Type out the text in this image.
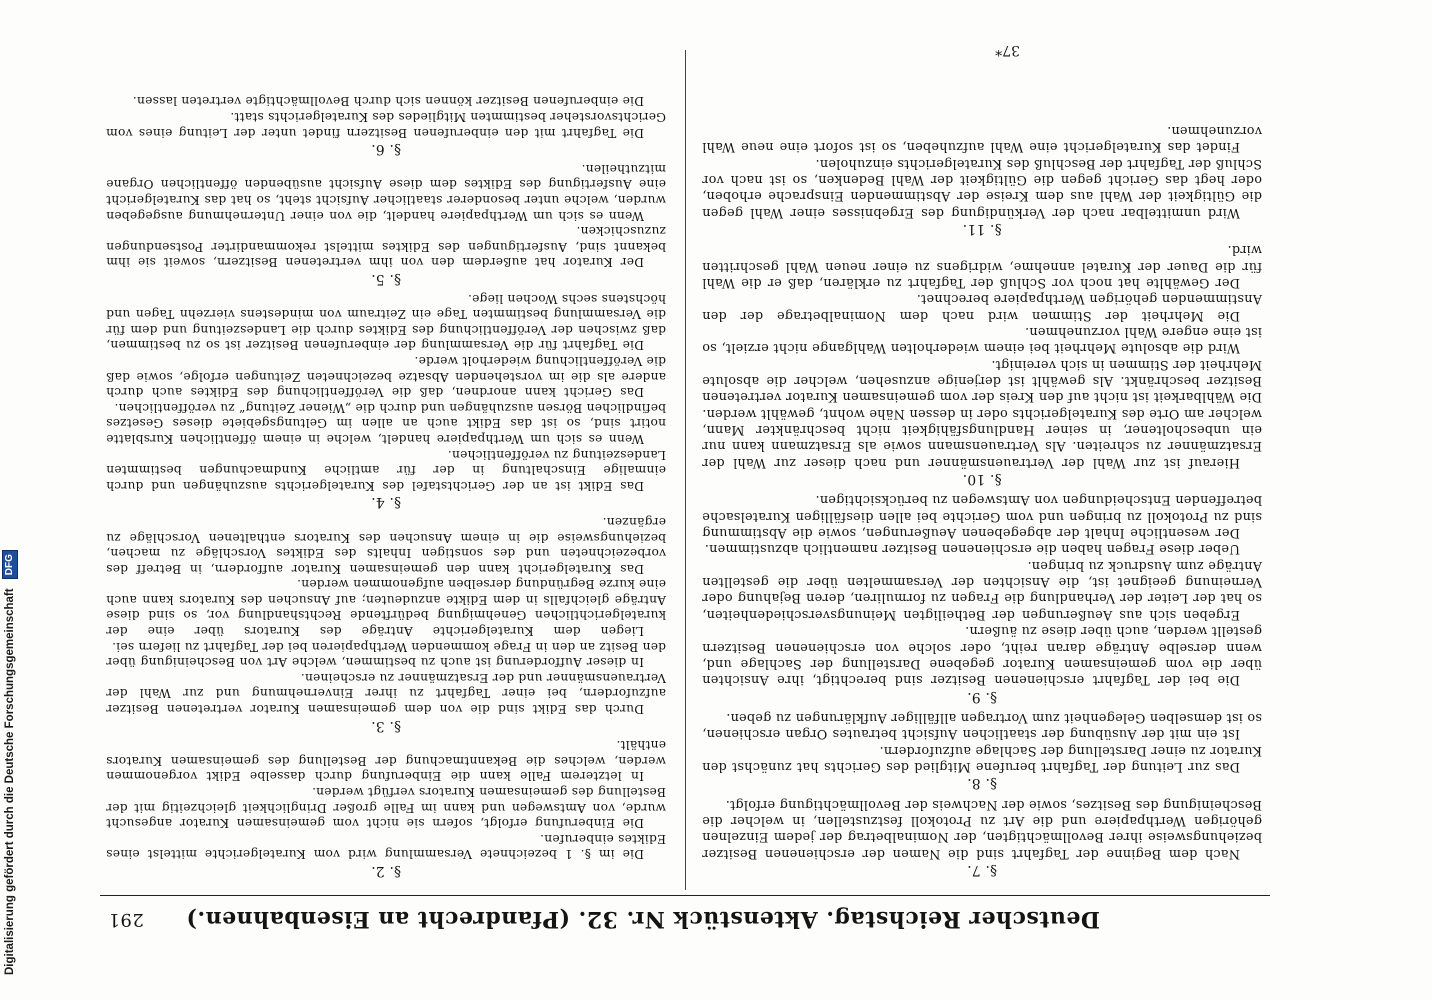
Digitalisierung gefördert durch die Deutsche Forschungsgemeinschaft DFG
Deutscher Reichstag. Aktenstück Nr. 32. (Pfandrecht an Eisenbahnen.)
291
§. 7.

Nach dem Beginne der Tagfahrt sind die Namen der erschienenen Besitzer beziehungsweise ihrer Bevollmächtigten, der Nominalbetrag der jedem Einzelnen gehörigen Werthpapiere und die Art zu Protokoll festzustellen, in welcher die Bescheinigung des Besitzes, sowie der Nachweis der Bevollmächtigung erfolgt.

§. 8.

Das zur Leitung der Tagfahrt berufene Mitglied des Gerichts hat zunächst den Kurator zu einer Darstellung der Sachlage aufzufordern.

Ist ein mit der Ausübung der staatlichen Aufsicht betrautes Organ erschienen, so ist demselben Gelegenheit zum Vortragen allfälliger Aufklärungen zu geben.

§. 9.

Die bei der Tagfahrt erschienenen Besitzer sind berechtigt, ihre Ansichten über die vom gemeinsamen Kurator gegebene Darstellung der Sachlage und, wenn derselbe Anträge daran reiht, oder solche von erschienenen Besitzern gestellt werden, auch über diese zu äußern.

Ergeben sich aus Aeußerungen der Betheiligten Meinungsverschiedenheiten, so hat der Leiter der Verhandlung die Fragen zu formuliren, deren Bejahung oder Verneinung geeignet ist, die Ansichten der Versammelten über die gestellten Anträge zum Ausdruck zu bringen.

Ueber diese Fragen haben die erschienenen Besitzer namentlich abzustimmen.

Der wesentliche Inhalt der abgegebenen Aeußerungen, sowie die Abstimmung sind zu Protokoll zu bringen und vom Gerichte bei allen diesfälligen Kuratelsache betreffenden Entscheidungen von Amtswegen zu berücksichtigen.

§. 10.

Hierauf ist zur Wahl der Vertrauensmänner und nach dieser zur Wahl der Ersatzmänner zu schreiten. Als Vertrauensmann sowie als Ersatzmann kann nur ein unbescholtener, in seiner Handlungsfähigkeit nicht beschränkter Mann, welcher am Orte des Kuratelgerichts oder in dessen Nähe wohnt, gewählt werden. Die Wählbarkeit ist nicht auf den Kreis der vom gemeinsamen Kurator vertretenen Besitzer beschränkt. Als gewählt ist derjenige anzusehen, welcher die absolute Mehrheit der Stimmen in sich vereinigt.

Wird die absolute Mehrheit bei einem wiederholten Wahlgange nicht erzielt, so ist eine engere Wahl vorzunehmen.

Die Mehrheit der Stimmen wird nach dem Nominalbetrage der den Anstimmenden gehörigen Werthpapiere berechnet.

Der Gewählte hat noch vor Schluß der Tagfahrt zu erklären, daß er die Wahl für die Dauer der Kuratel annehme, widrigens zu einer neuen Wahl geschritten wird.

§. 11.

Wird unmittelbar nach der Verkündigung des Ergebnisses einer Wahl gegen die Gültigkeit der Wahl aus dem Kreise der Abstimmenden Einsprache erhoben, oder hegt das Gericht gegen die Gültigkeit der Wahl Bedenken, so ist nach vor Schluß der Tagfahrt der Beschluß des Kuratelgerichts einzuholen.

Findet das Kuratelgericht eine Wahl aufzuheben, so ist sofort eine neue Wahl vorzunehmen.

§. 2.

Die im §. 1 bezeichnete Versammlung wird vom Kuratelgerichte mittelst eines Ediktes einberufen.

Die Einberufung erfolgt, sofern sie nicht vom gemeinsamen Kurator angesucht wurde, von Amtswegen und kann im Falle großer Dringlichkeit gleichzeitig mit der Bestellung des gemeinsamen Kurators verfügt werden.

In letzterem Falle kann die Einberufung durch dasselbe Edikt vorgenommen werden, welches die Bekanntmachung der Bestellung des gemeinsamen Kurators enthält.

§. 3.

Durch das Edikt sind die von dem gemeinsamen Kurator vertretenen Besitzer aufzufordern, bei einer Tagfahrt zu ihrer Einvernehmung und zur Wahl der Vertrauensmänner und der Ersatzmänner zu erscheinen.

In dieser Aufforderung ist auch zu bestimmen, welche Art von Bescheinigung über den Besitz an den in Frage kommenden Werthpapieren bei der Tagfahrt zu liefern sei.

Liegen dem Kuratelgerichte Anträge des Kurators über eine der kuratelgerichtlichen Genehmigung bedürftende Rechtshandlung vor, so sind diese Anträge gleichfalls in dem Edikte anzudeuten; auf Ansuchen des Kurators kann auch eine kurze Begründung derselben aufgenommen werden.

Das Kuratelgericht kann den gemeinsamen Kurator auffordern, in Betreff des vorbezeichneten und des sonstigen Inhalts des Ediktes Vorschläge zu machen, beziehungsweise die in einem Ansuchen des Kurators enthaltenen Vorschläge zu ergänzen.

§. 4.

Das Edikt ist an der Gerichtstafel des Kuratelgerichts auszuhängen und durch einmalige Einschaltung in der für amtliche Kundmachungen bestimmten Landeszeitung zu veröffentlichen.

Wenn es sich um Werthpapiere handelt, welche in einem öffentlichen Kursblatte notirt sind, so ist das Edikt auch an allen im Geltungsgebiete dieses Gesetzes befindlichen Börsen auszuhängen und durch die „Wiener Zeitung“ zu veröffentlichen.

Das Gericht kann anordnen, daß die Veröffentlichung des Ediktes auch durch andere als die im vorstehenden Absatze bezeichneten Zeitungen erfolge, sowie daß die Veröffentlichung wiederholt werde.

Die Tagfahrt für die Versammlung der einberufenen Besitzer ist so zu bestimmen, daß zwischen der Veröffentlichung des Ediktes durch die Landeszeitung und dem für die Versammlung bestimmten Tage ein Zeitraum von mindestens vierzehn Tagen und höchstens sechs Wochen liege.

§. 5.

Der Kurator hat außerdem den von ihm vertretenen Besitzern, soweit sie ihm bekannt sind, Ausfertigungen des Ediktes mittelst rekommandirter Postsendungen zuzuschicken.

Wenn es sich um Werthpapiere handelt, die von einer Unternehmung ausgegeben wurden, welche unter besonderer staatlicher Aufsicht steht, so hat das Kuratelgericht eine Ausfertigung des Ediktes dem diese Aufsicht ausübenden öffentlichen Organe mitzutheilen.

§. 6.

Die Tagfahrt mit den einberufenen Besitzern findet unter der Leitung eines vom Gerichtsvorsteher bestimmten Mitgliedes des Kuratelgerichts statt.

Die einberufenen Besitzer können sich durch Bevollmächtigte vertreten lassen.

37*
